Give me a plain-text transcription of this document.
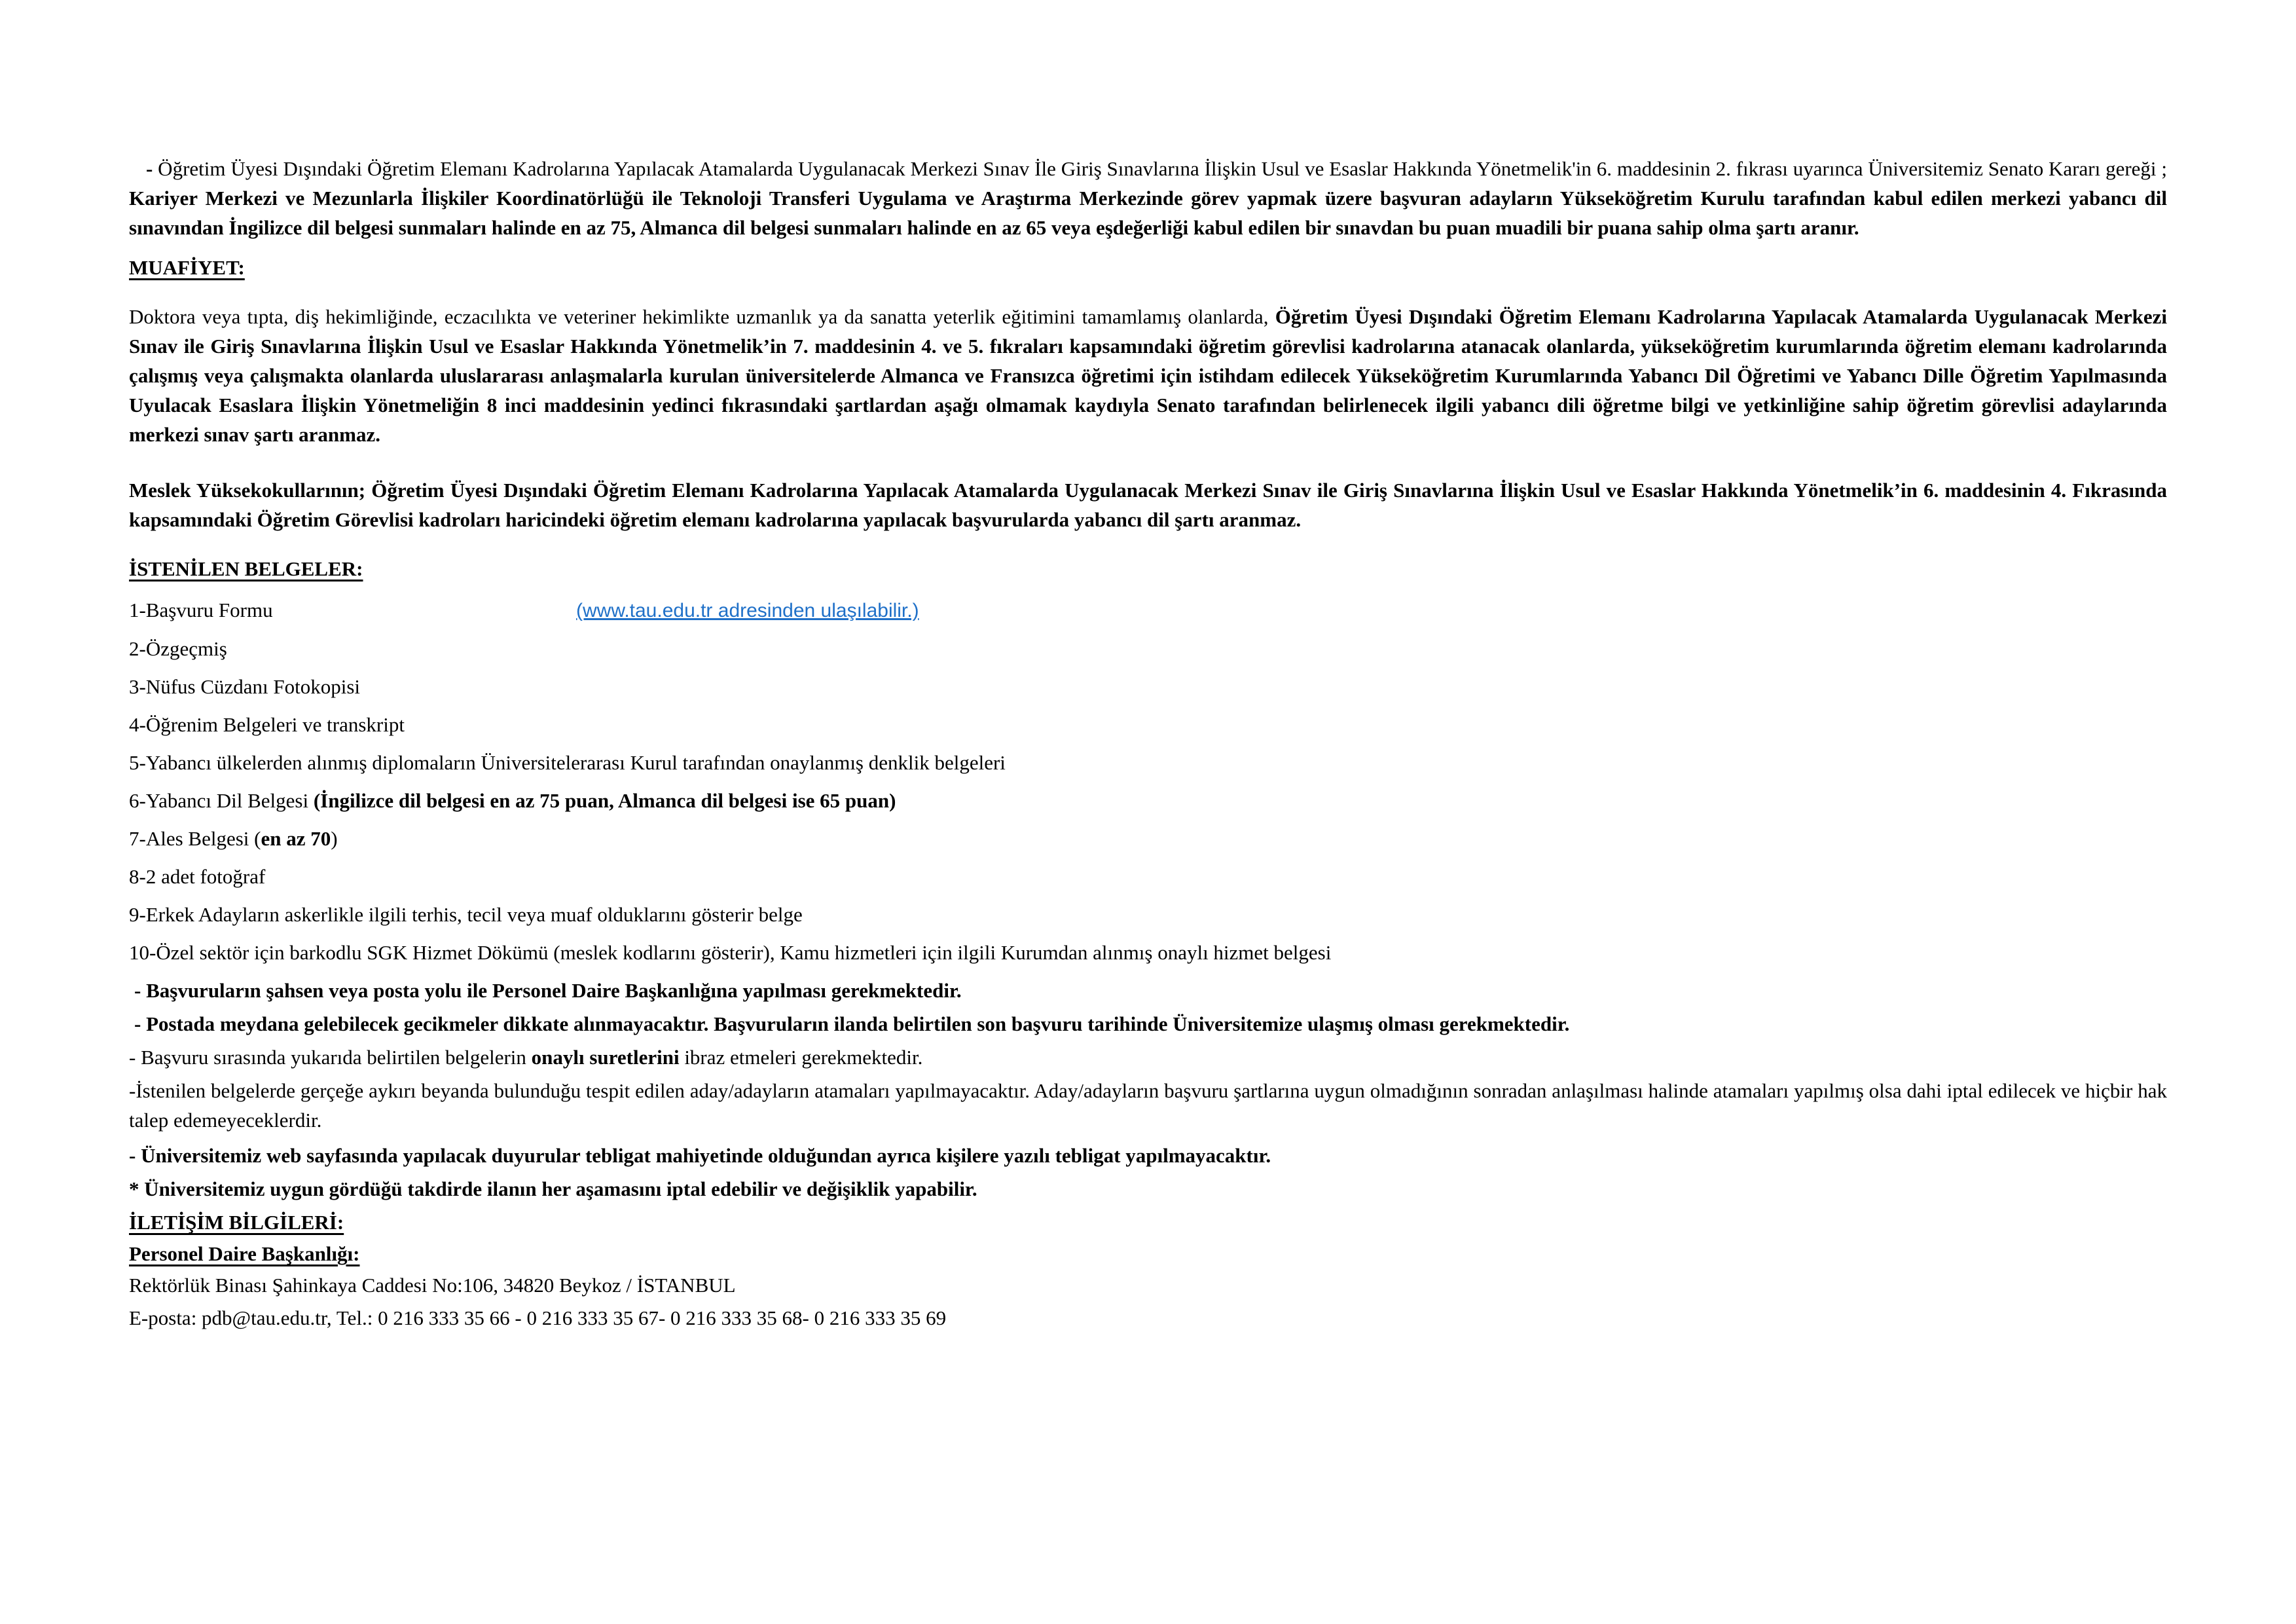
- Öğretim Üyesi Dışındaki Öğretim Elemanı Kadrolarına Yapılacak Atamalarda Uygulanacak Merkezi Sınav İle Giriş Sınavlarına İlişkin Usul ve Esaslar Hakkında Yönetmelik'in 6. maddesinin 2. fıkrası uyarınca Üniversitemiz Senato Kararı gereği ; Kariyer Merkezi ve Mezunlarla İlişkiler Koordinatörlüğü ile Teknoloji Transferi Uygulama ve Araştırma Merkezinde görev yapmak üzere başvuran adayların Yükseköğretim Kurulu tarafından kabul edilen merkezi yabancı dil sınavından İngilizce dil belgesi sunmaları halinde en az 75, Almanca dil belgesi sunmaları halinde en az 65 veya eşdeğerliği kabul edilen bir sınavdan bu puan muadili bir puana sahip olma şartı aranır.

MUAFİYET:

Doktora veya tıpta, diş hekimliğinde, eczacılıkta ve veteriner hekimlikte uzmanlık ya da sanatta yeterlik eğitimini tamamlamış olanlarda, Öğretim Üyesi Dışındaki Öğretim Elemanı Kadrolarına Yapılacak Atamalarda Uygulanacak Merkezi Sınav ile Giriş Sınavlarına İlişkin Usul ve Esaslar Hakkında Yönetmelik’in 7. maddesinin 4. ve 5. fıkraları kapsamındaki öğretim görevlisi kadrolarına atanacak olanlarda, yükseköğretim kurumlarında öğretim elemanı kadrolarında çalışmış veya çalışmakta olanlarda uluslararası anlaşmalarla kurulan üniversitelerde Almanca ve Fransızca öğretimi için istihdam edilecek Yükseköğretim Kurumlarında Yabancı Dil Öğretimi ve Yabancı Dille Öğretim Yapılmasında Uyulacak Esaslara İlişkin Yönetmeliğin 8 inci maddesinin yedinci fıkrasındaki şartlardan aşağı olmamak kaydıyla Senato tarafından belirlenecek ilgili yabancı dili öğretme bilgi ve yetkinliğine sahip öğretim görevlisi adaylarında merkezi sınav şartı aranmaz.

Meslek Yüksekokullarının; Öğretim Üyesi Dışındaki Öğretim Elemanı Kadrolarına Yapılacak Atamalarda Uygulanacak Merkezi Sınav ile Giriş Sınavlarına İlişkin Usul ve Esaslar Hakkında Yönetmelik’in 6. maddesinin 4. Fıkrasında kapsamındaki Öğretim Görevlisi kadroları haricindeki öğretim elemanı kadrolarına yapılacak başvurularda yabancı dil şartı aranmaz.

İSTENİLEN BELGELER:

1-Başvuru Formu	(www.tau.edu.tr adresinden ulaşılabilir.)

2-Özgeçmiş

3-Nüfus Cüzdanı Fotokopisi

4-Öğrenim Belgeleri ve transkript

5-Yabancı ülkelerden alınmış diplomaların Üniversitelerarası Kurul tarafından onaylanmış denklik belgeleri

6-Yabancı Dil Belgesi (İngilizce dil belgesi en az 75 puan, Almanca dil belgesi ise 65 puan)

7-Ales Belgesi (en az 70)

8-2 adet fotoğraf

9-Erkek Adayların askerlikle ilgili terhis, tecil veya muaf olduklarını gösterir belge

10-Özel sektör için barkodlu SGK Hizmet Dökümü (meslek kodlarını gösterir), Kamu hizmetleri için ilgili Kurumdan alınmış onaylı hizmet belgesi

- Başvuruların şahsen veya posta yolu ile Personel Daire Başkanlığına yapılması gerekmektedir.

- Postada meydana gelebilecek gecikmeler dikkate alınmayacaktır. Başvuruların ilanda belirtilen son başvuru tarihinde Üniversitemize ulaşmış olması gerekmektedir.

- Başvuru sırasında yukarıda belirtilen belgelerin onaylı suretlerini ibraz etmeleri gerekmektedir.

-İstenilen belgelerde gerçeğe aykırı beyanda bulunduğu tespit edilen aday/adayların atamaları yapılmayacaktır. Aday/adayların başvuru şartlarına uygun olmadığının sonradan anlaşılması halinde atamaları yapılmış olsa dahi iptal edilecek ve hiçbir hak talep edemeyeceklerdir.

- Üniversitemiz web sayfasında yapılacak duyurular tebligat mahiyetinde olduğundan ayrıca kişilere yazılı tebligat yapılmayacaktır.

* Üniversitemiz uygun gördüğü takdirde ilanın her aşamasını iptal edebilir ve değişiklik yapabilir.

İLETİŞİM BİLGİLERİ:

Personel Daire Başkanlığı:

Rektörlük Binası Şahinkaya Caddesi No:106, 34820 Beykoz / İSTANBUL

E-posta: pdb@tau.edu.tr, Tel.: 0 216 333 35 66 - 0 216 333 35 67- 0 216 333 35 68- 0 216 333 35 69
